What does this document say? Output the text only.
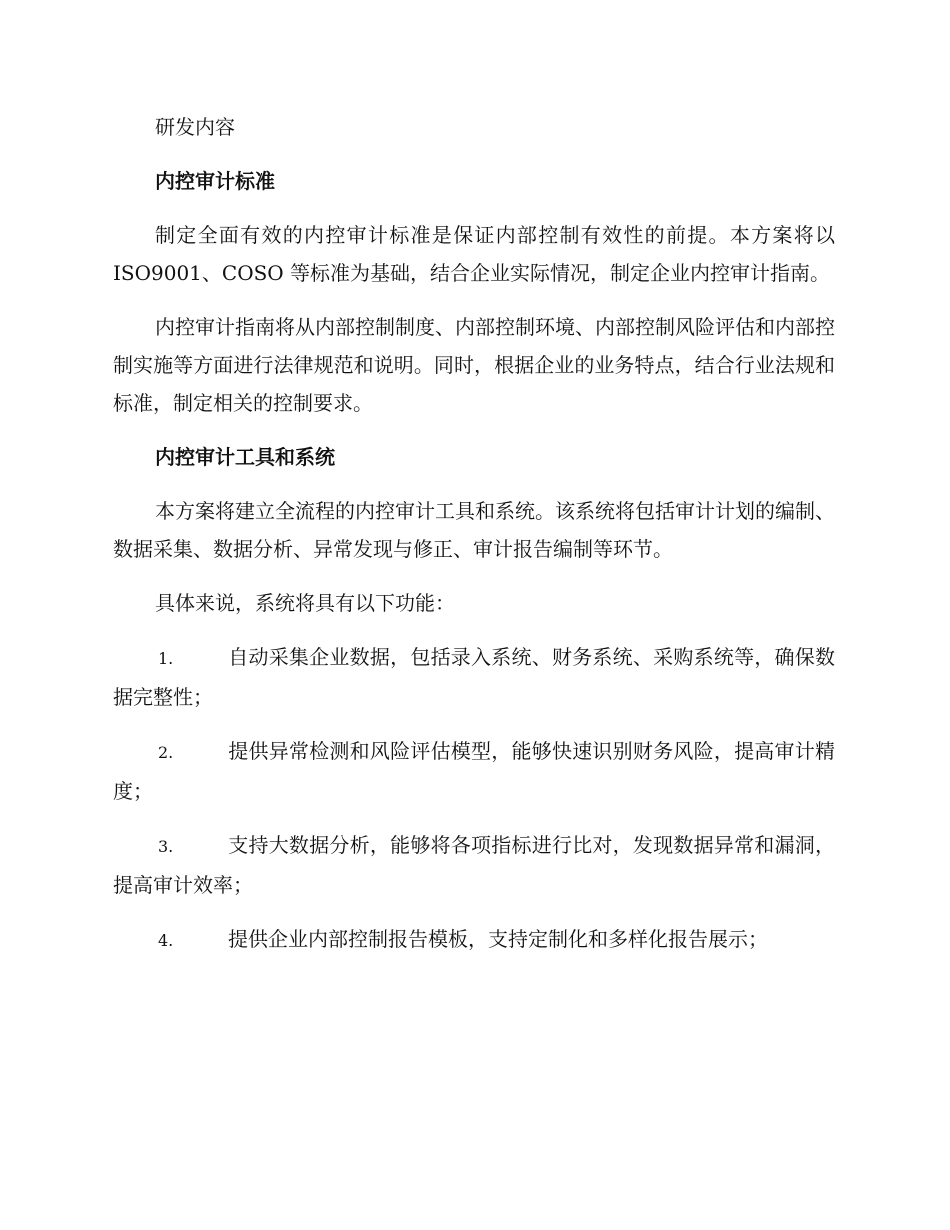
研发内容

内控审计标准

制定全面有效的内控审计标准是保证内部控制有效性的前提。本方案将以 ISO9001、COSO 等标准为基础，结合企业实际情况，制定企业内控审计指南。

内控审计指南将从内部控制制度、内部控制环境、内部控制风险评估和内部控制实施等方面进行法律规范和说明。同时，根据企业的业务特点，结合行业法规和标准，制定相关的控制要求。

内控审计工具和系统

本方案将建立全流程的内控审计工具和系统。该系统将包括审计计划的编制、数据采集、数据分析、异常发现与修正、审计报告编制等环节。

具体来说，系统将具有以下功能：

1.	自动采集企业数据，包括录入系统、财务系统、采购系统等，确保数据完整性；

2.	提供异常检测和风险评估模型，能够快速识别财务风险，提高审计精度；

3.	支持大数据分析，能够将各项指标进行比对，发现数据异常和漏洞，提高审计效率；

4.	提供企业内部控制报告模板，支持定制化和多样化报告展示；
